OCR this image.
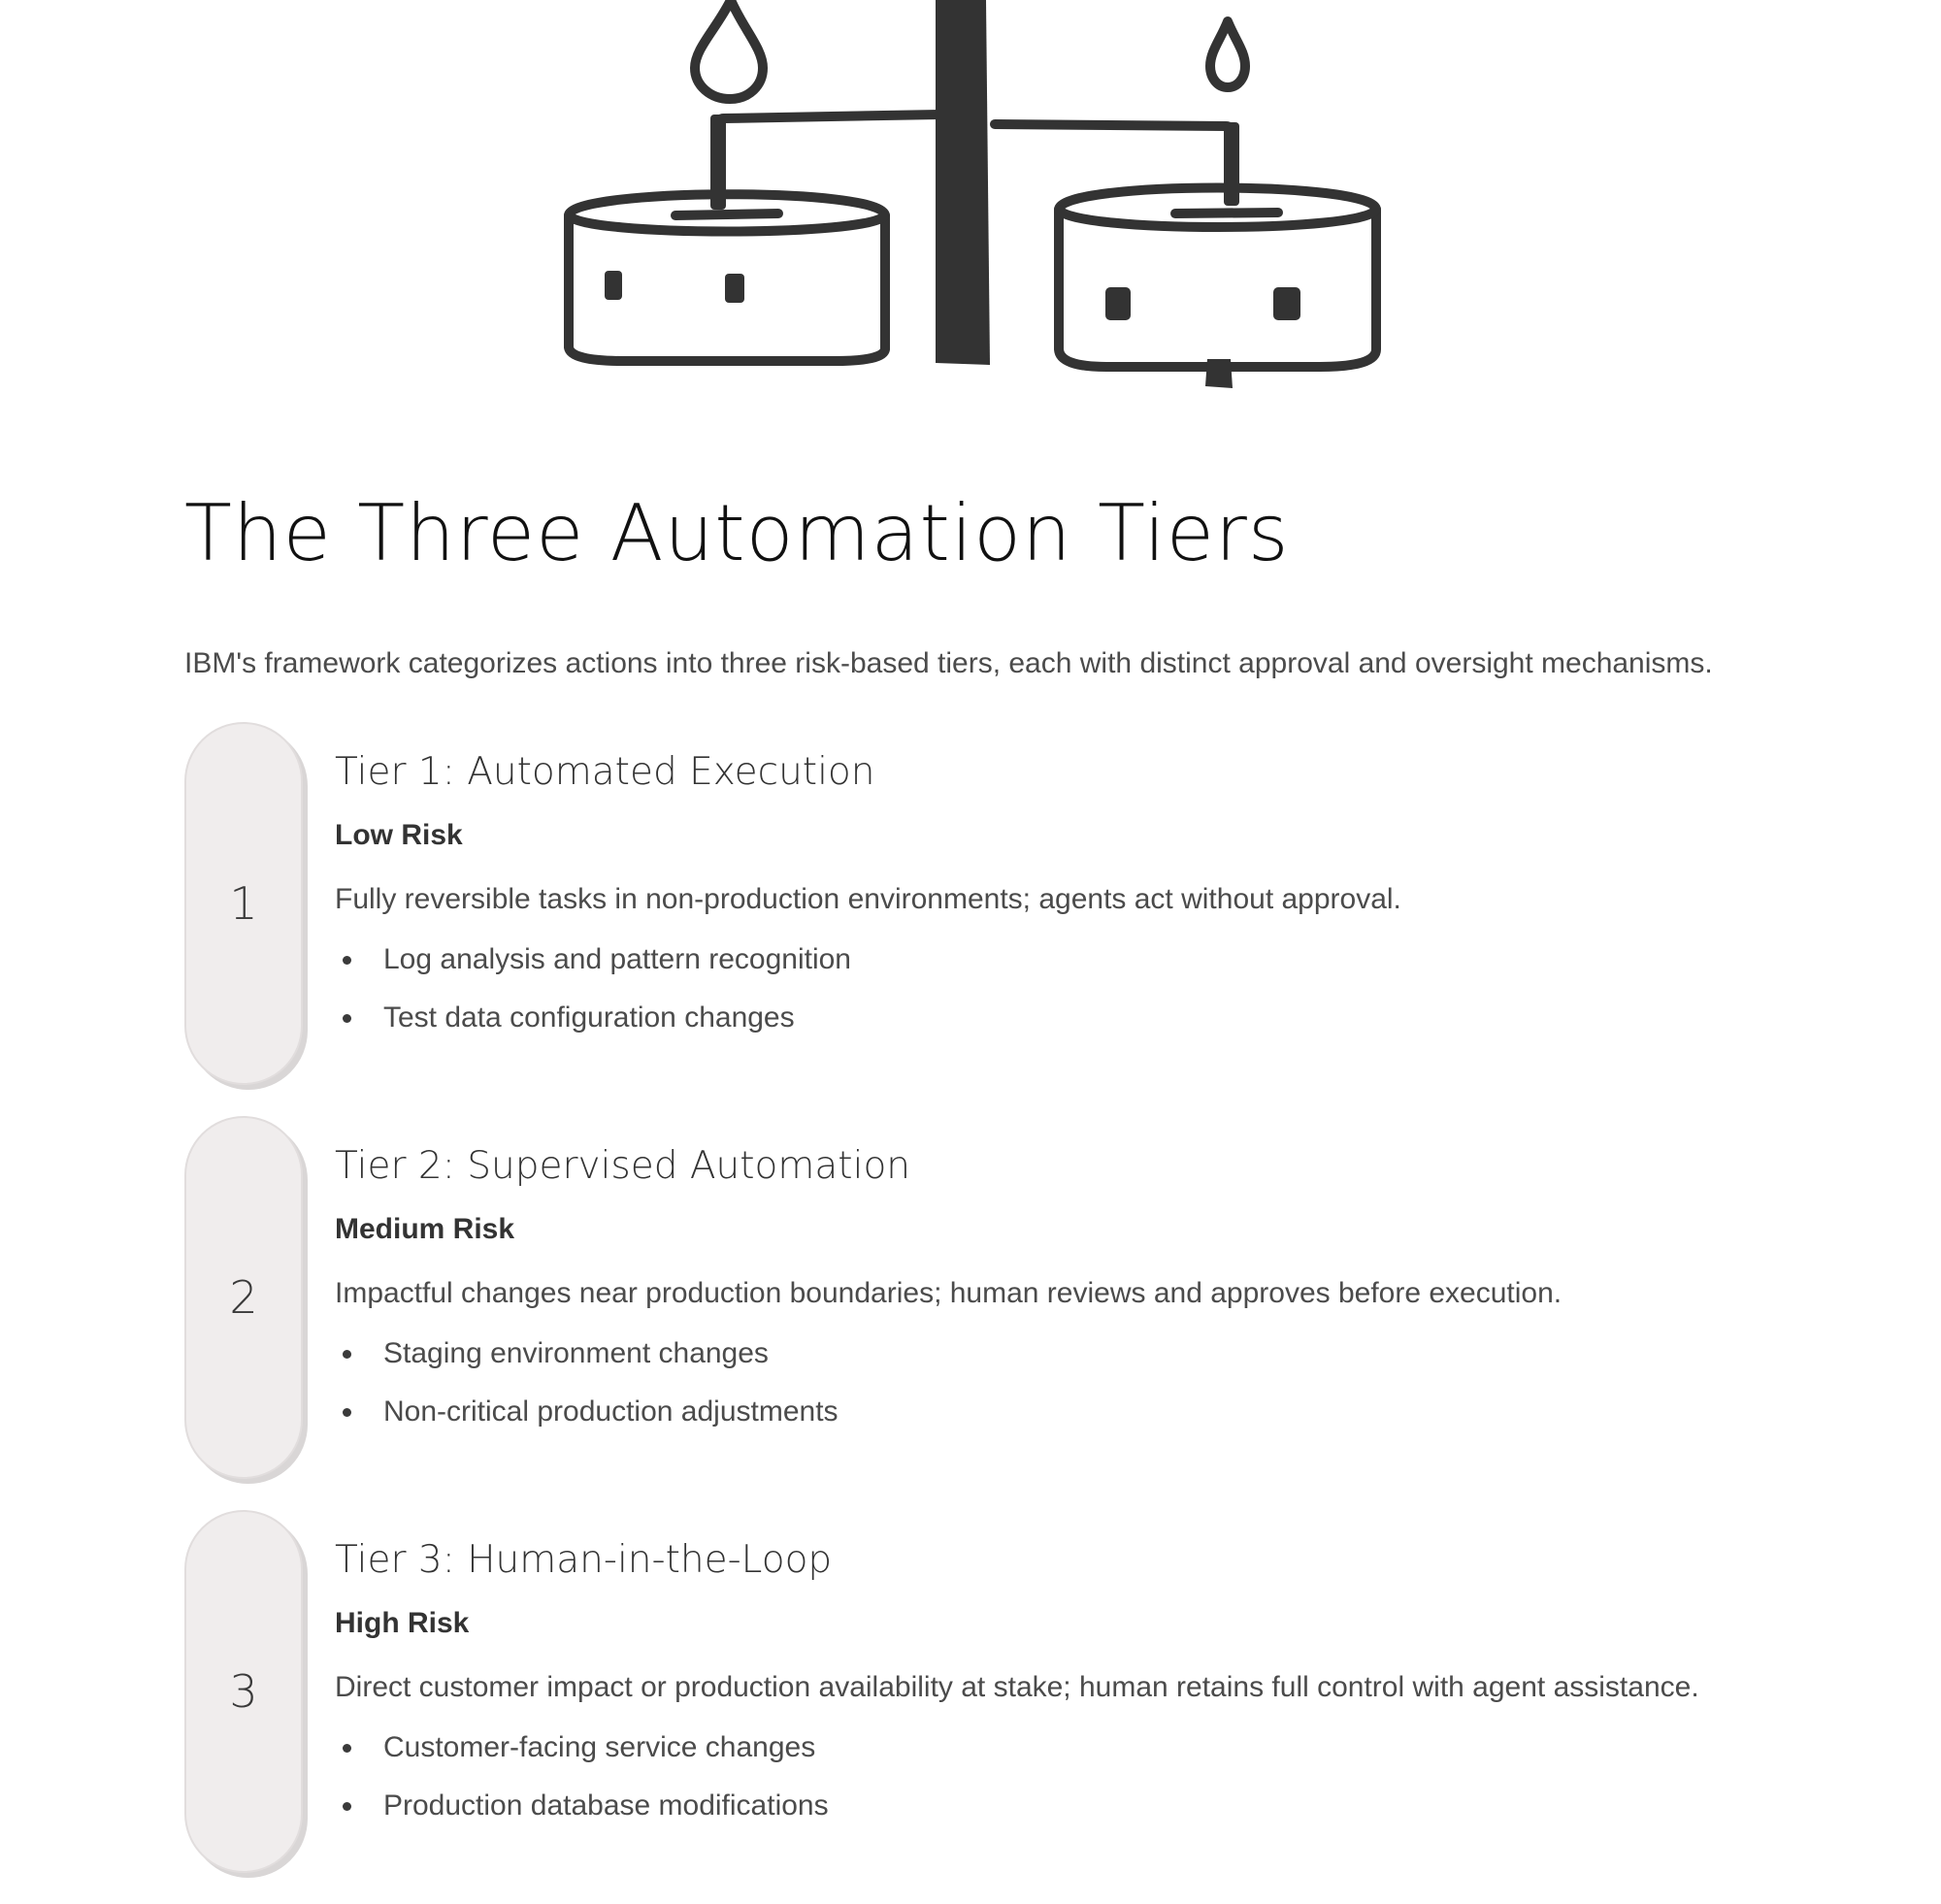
The Three Automation Tiers

IBM's framework categorizes actions into three risk-based tiers, each with distinct approval and oversight mechanisms.

1
Tier 1: Automated Execution

Low Risk

Fully reversible tasks in non-production environments; agents act without approval.

Log analysis and pattern recognition
Test data configuration changes
2
Tier 2: Supervised Automation

Medium Risk

Impactful changes near production boundaries; human reviews and approves before execution.

Staging environment changes
Non-critical production adjustments
3
Tier 3: Human-in-the-Loop

High Risk

Direct customer impact or production availability at stake; human retains full control with agent assistance.

Customer-facing service changes
Production database modifications
